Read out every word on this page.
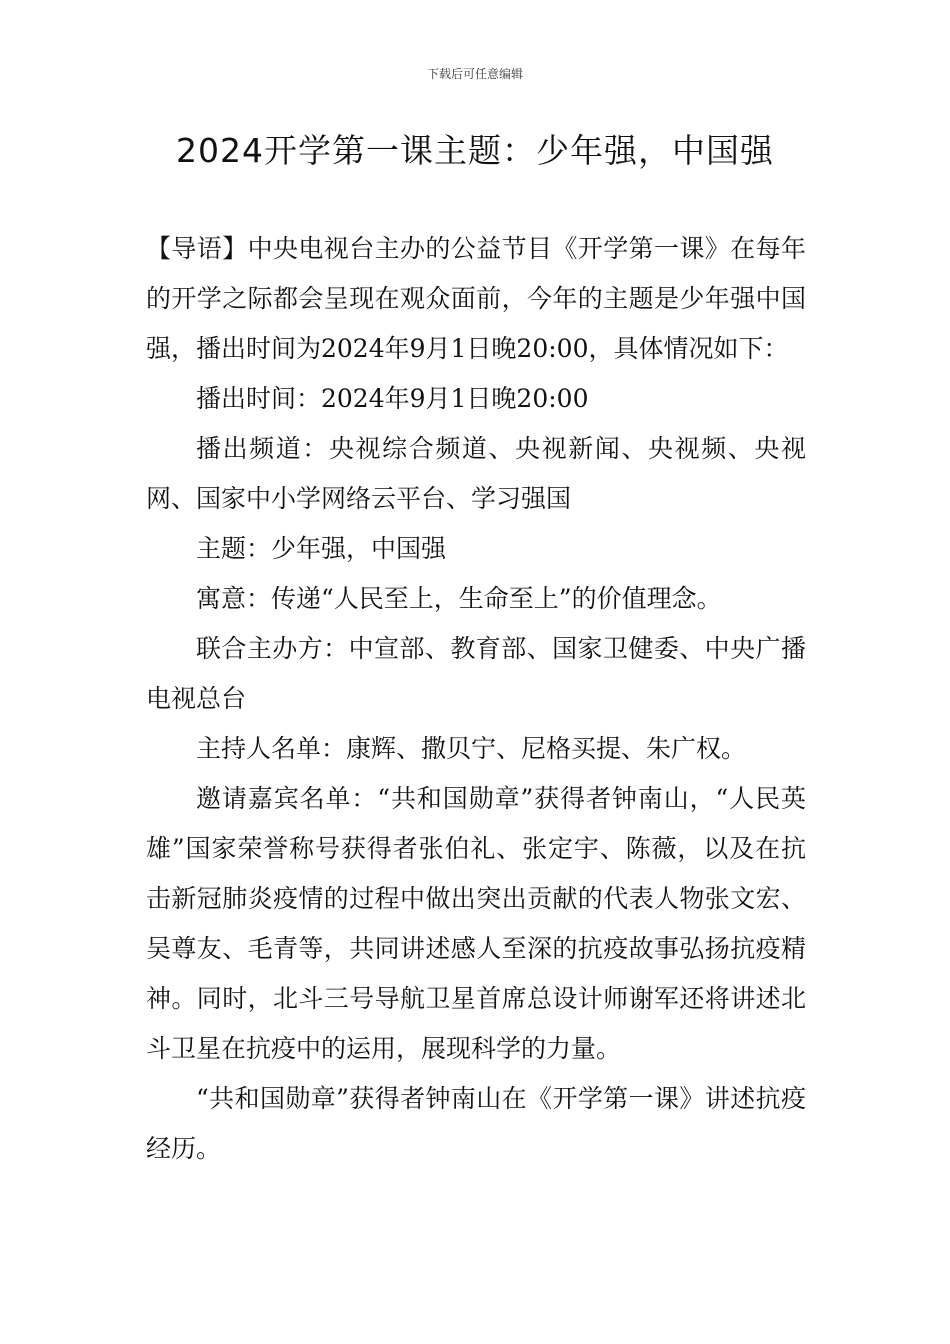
下载后可任意编辑
2024开学第一课主题：少年强，中国强

【导语】中央电视台主办的公益节目《开学第一课》在每年的开学之际都会呈现在观众面前，今年的主题是少年强中国强，播出时间为2024年9月1日晚20:00，具体情况如下：

播出时间：2024年9月1日晚20:00

播出频道：央视综合频道、央视新闻、央视频、央视网、国家中小学网络云平台、学习强国

主题：少年强，中国强

寓意：传递“人民至上，生命至上”的价值理念。

联合主办方：中宣部、教育部、国家卫健委、中央广播电视总台

主持人名单：康辉、撒贝宁、尼格买提、朱广权。

邀请嘉宾名单：“共和国勋章”获得者钟南山，“人民英雄”国家荣誉称号获得者张伯礼、张定宇、陈薇，以及在抗击新冠肺炎疫情的过程中做出突出贡献的代表人物张文宏、吴尊友、毛青等，共同讲述感人至深的抗疫故事弘扬抗疫精神。同时，北斗三号导航卫星首席总设计师谢军还将讲述北斗卫星在抗疫中的运用，展现科学的力量。

“共和国勋章”获得者钟南山在《开学第一课》讲述抗疫经历。
